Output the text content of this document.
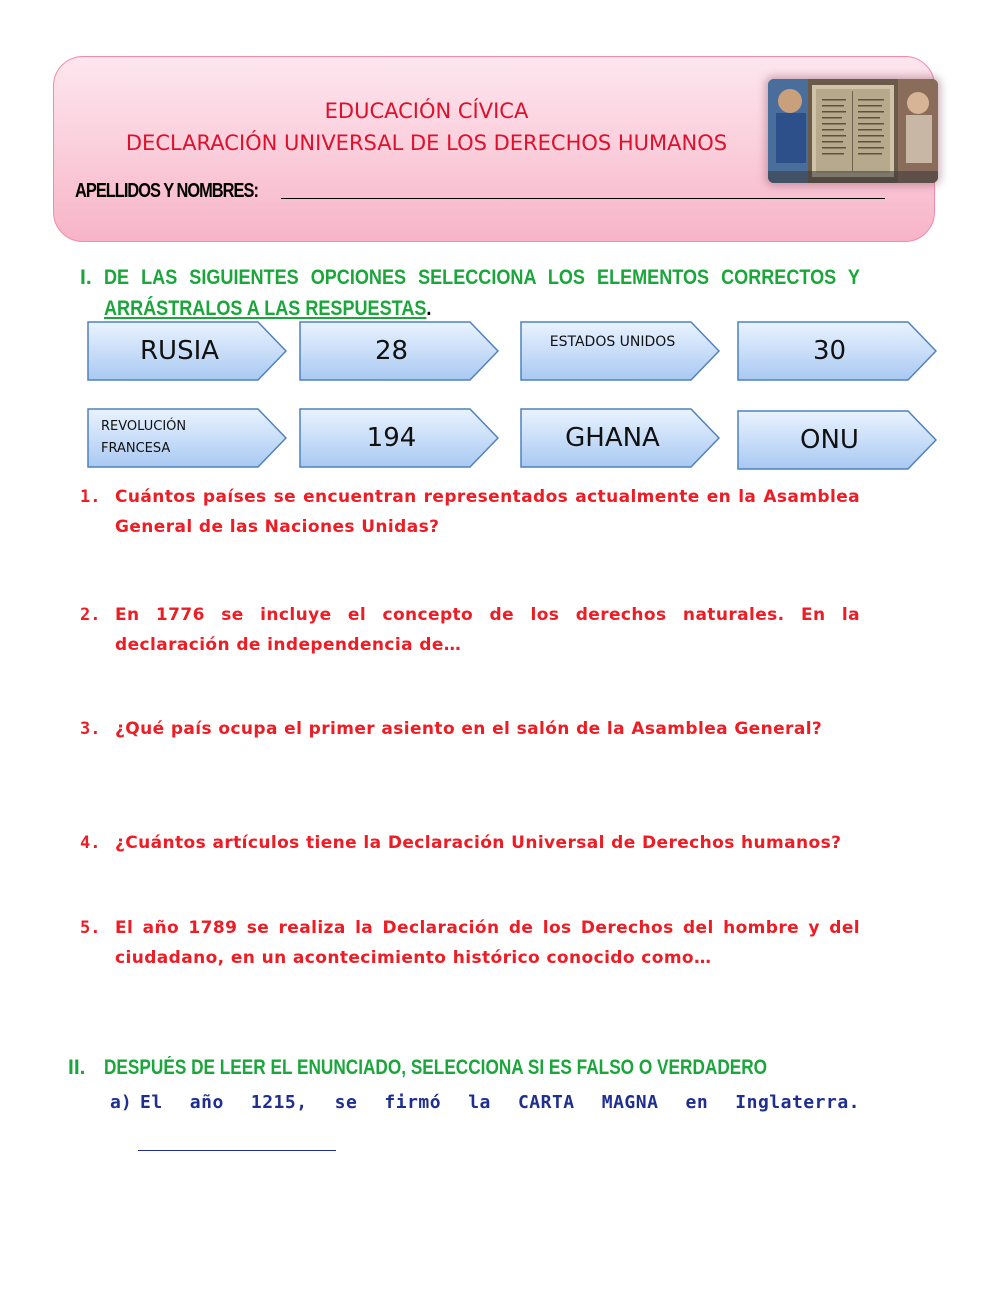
EDUCACIÓN CÍVICA
DECLARACIÓN UNIVERSAL DE LOS DERECHOS HUMANOS
APELLIDOS Y NOMBRES:
I. DE LAS SIGUIENTES OPCIONES SELECCIONA LOS ELEMENTOS CORRECTOS Y ARRÁSTRALOS A LAS RESPUESTAS.
RUSIA	28	ESTADOS UNIDOS	30
REVOLUCIÓN FRANCESA	194	GHANA	ONU
1. Cuántos países se encuentran representados actualmente en la Asamblea General de las Naciones Unidas?
2. En 1776 se incluye el concepto de los derechos naturales. En la declaración de independencia de…
3. ¿Qué país ocupa el primer asiento en el salón de la Asamblea General?
4. ¿Cuántos artículos tiene la Declaración Universal de Derechos humanos?
5. El año 1789 se realiza la Declaración de los Derechos del hombre y del ciudadano, en un acontecimiento histórico conocido como…
II. DESPUÉS DE LEER EL ENUNCIADO, SELECCIONA SI ES FALSO O VERDADERO
a) El año 1215, se firmó la CARTA MAGNA en Inglaterra.
